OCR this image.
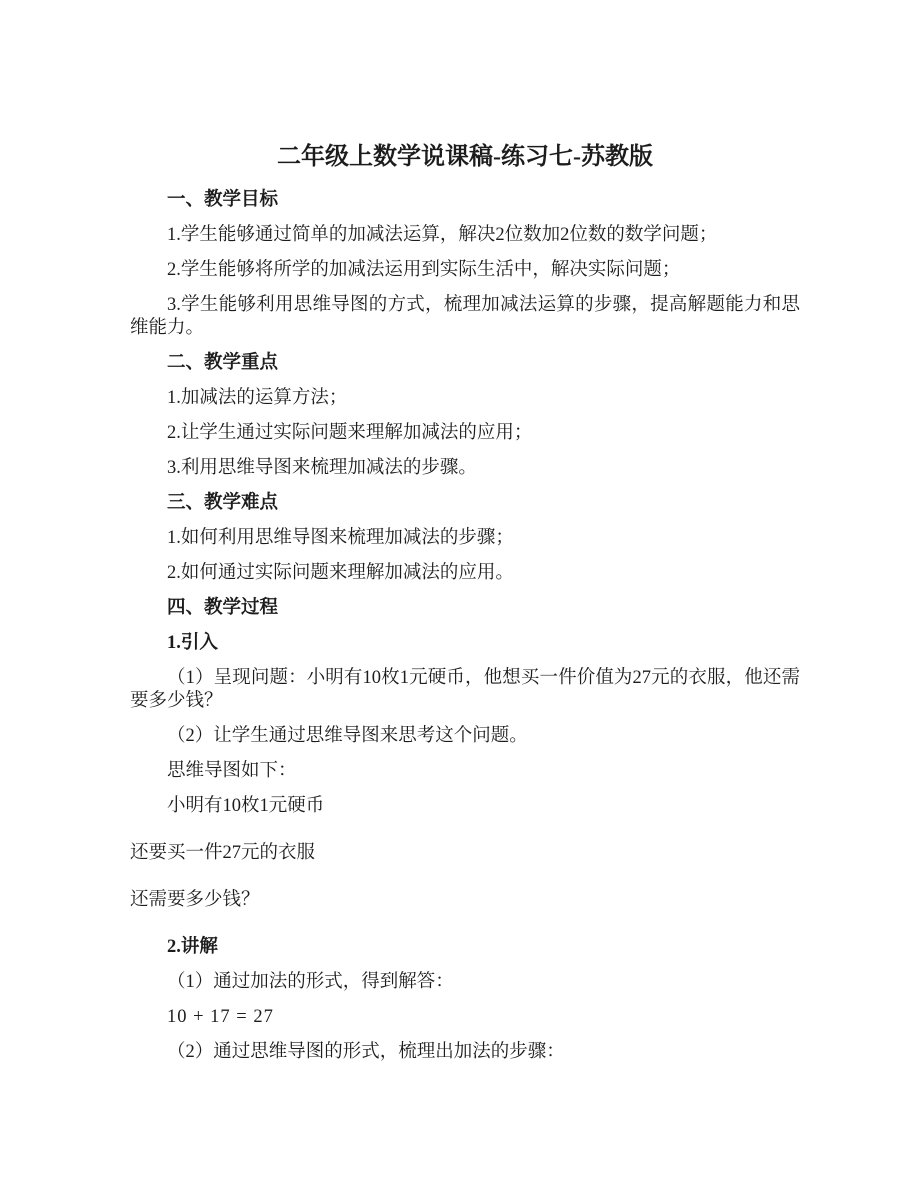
二年级上数学说课稿-练习七-苏教版

一、教学目标

1.学生能够通过简单的加减法运算，解决2位数加2位数的数学问题；

2.学生能够将所学的加减法运用到实际生活中，解决实际问题；

3.学生能够利用思维导图的方式，梳理加减法运算的步骤，提高解题能力和思维能力。

二、教学重点

1.加减法的运算方法；

2.让学生通过实际问题来理解加减法的应用；

3.利用思维导图来梳理加减法的步骤。

三、教学难点

1.如何利用思维导图来梳理加减法的步骤；

2.如何通过实际问题来理解加减法的应用。

四、教学过程

1.引入

（1）呈现问题：小明有10枚1元硬币，他想买一件价值为27元的衣服，他还需要多少钱？

（2）让学生通过思维导图来思考这个问题。

思维导图如下：

小明有10枚1元硬币

还要买一件27元的衣服

还需要多少钱？

2.讲解

（1）通过加法的形式，得到解答：

10 + 17 = 27

（2）通过思维导图的形式，梳理出加法的步骤：
